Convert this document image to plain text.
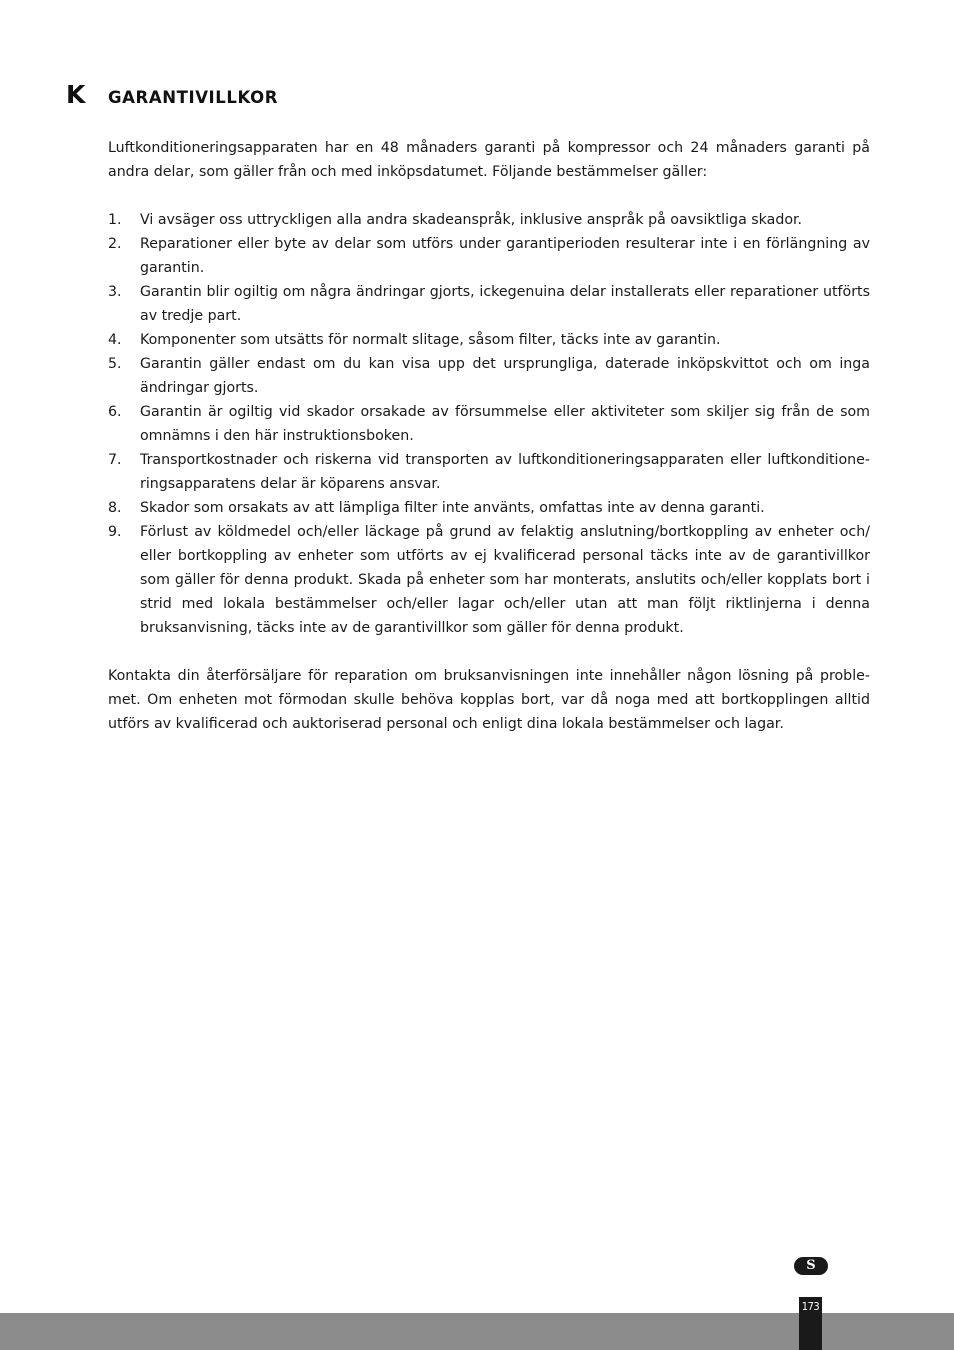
K GARANTIVILLKOR

Luftkonditioneringsapparaten har en 48 månaders garanti på kompressor och 24 månaders garanti på andra delar, som gäller från och med inköpsdatumet. Följande bestämmelser gäller:

1.	Vi avsäger oss uttryckligen alla andra skadeanspråk, inklusive anspråk på oavsiktliga skador.
2.	Reparationer eller byte av delar som utförs under garantiperioden resulterar inte i en förlängning av garantin.
3.	Garantin blir ogiltig om några ändringar gjorts, ickegenuina delar installerats eller reparationer utförts av tredje part.
4.	Komponenter som utsätts för normalt slitage, såsom filter, täcks inte av garantin.
5.	Garantin gäller endast om du kan visa upp det ursprungliga, daterade inköpskvittot och om inga ändringar gjorts.
6.	Garantin är ogiltig vid skador orsakade av försummelse eller aktiviteter som skiljer sig från de som omnämns i den här instruktionsboken.
7.	Transportkostnader och riskerna vid transporten av luftkonditioneringsapparaten eller luftkonditioneringsapparatens delar är köparens ansvar.
8.	Skador som orsakats av att lämpliga filter inte använts, omfattas inte av denna garanti.
9.	Förlust av köldmedel och/eller läckage på grund av felaktig anslutning/bortkoppling av enheter och/ eller bortkoppling av enheter som utförts av ej kvalificerad personal täcks inte av de garantivillkor som gäller för denna produkt. Skada på enheter som har monterats, anslutits och/eller kopplats bort i strid med lokala bestämmelser och/eller lagar och/eller utan att man följt riktlinjerna i denna bruksanvisning, täcks inte av de garantivillkor som gäller för denna produkt.

Kontakta din återförsäljare för reparation om bruksanvisningen inte innehåller någon lösning på problemet. Om enheten mot förmodan skulle behöva kopplas bort, var då noga med att bortkopplingen alltid utförs av kvalificerad och auktoriserad personal och enligt dina lokala bestämmelser och lagar.

S
173
